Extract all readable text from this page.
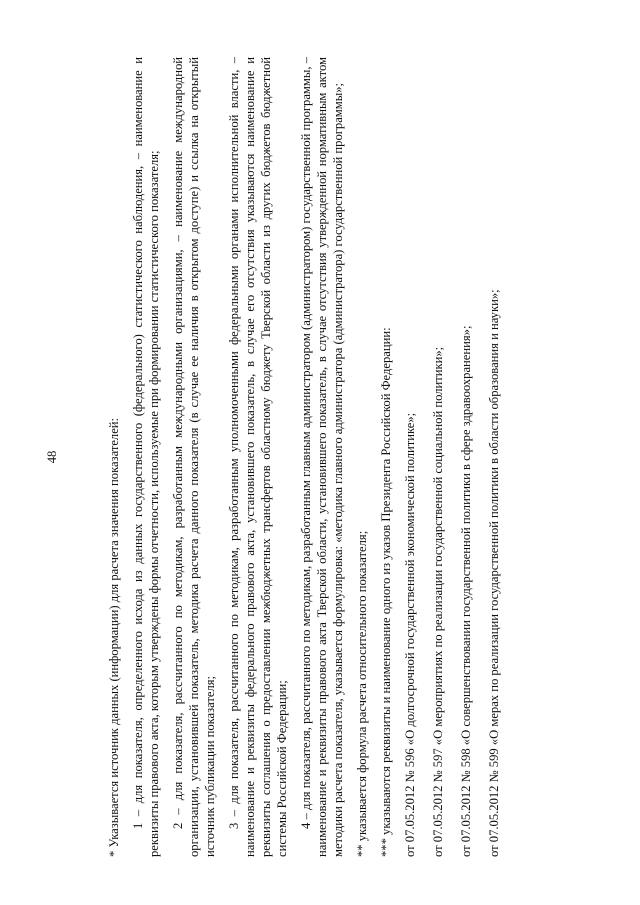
48	* Указывается источник данных (информации) для расчета значения показателей: 1 – для показателя, определенного исхода из данных государственного (федерального) статистического наблюдения, – наименование и реквизиты правового акта, которым утверждены формы отчетности, используемые при формировании статистического показателя; 2 – для показателя, рассчитанного по методикам, разработанным международными организациями, – наименование международной организации, установившей показатель, методика расчета данного показателя (в случае ее наличия в открытом доступе) и ссылка на открытый источник публикации показателя; 3 – для показателя, рассчитанного по методикам, разработанным уполномоченными федеральными органами исполнительной власти, – наименование и реквизиты федерального правового акта, установившего показатель, в случае его отсутствия указываются наименование и реквизиты соглашения о предоставлении межбюджетных трансфертов областному бюджету Тверской области из других бюджетов бюджетной системы Российской Федерации; 4 – для показателя, рассчитанного по методикам, разработанным главным администратором (администратором) государственной программы, – наименование и реквизиты правового акта Тверской области, установившего показатель, в случае отсутствия утвержденной нормативным актом методики расчета показателя, указывается формулировка: «методика главного администратора (администратора) государственной программы»; ** указывается формула расчета относительного показателя; *** указываются реквизиты и наименование одного из указов Президента Российской Федерации: от 07.05.2012 № 596 «О долгосрочной государственной экономической политике»; от 07.05.2012 № 597 «О мероприятиях по реализации государственной социальной политики»; от 07.05.2012 № 598 «О совершенствовании государственной политики в сфере здравоохранения»; от 07.05.2012 № 599 «О мерах по реализации государственной политики в области образования и науки»;
